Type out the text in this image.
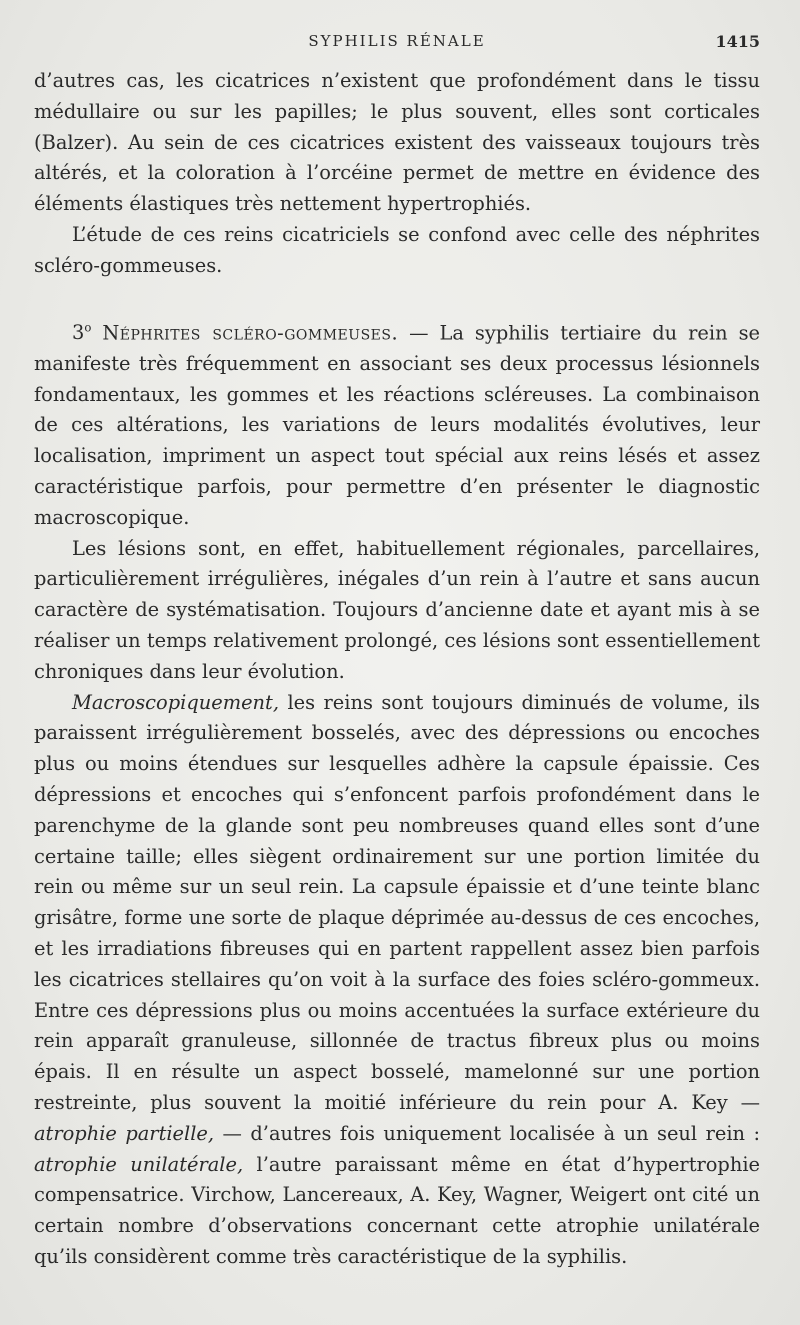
SYPHILIS RÉNALE	1415

d’autres cas, les cicatrices n’existent que profondément dans le tissu médullaire ou sur les papilles; le plus souvent, elles sont corticales (Balzer). Au sein de ces cicatrices existent des vaisseaux toujours très altérés, et la coloration à l’orcéine permet de mettre en évidence des éléments élastiques très nettement hypertrophiés.

L’étude de ces reins cicatriciels se confond avec celle des néphrites scléro-gommeuses.

3$^o$ Néphrites scléro-gommeuses. — La syphilis tertiaire du rein se manifeste très fréquemment en associant ses deux processus lésionnels fondamentaux, les gommes et les réactions scléreuses. La combinaison de ces altérations, les variations de leurs modalités évolutives, leur localisation, impriment un aspect tout spécial aux reins lésés et assez caractéristique parfois, pour permettre d’en présenter le diagnostic macroscopique.

Les lésions sont, en effet, habituellement régionales, parcellaires, particulièrement irrégulières, inégales d’un rein à l’autre et sans aucun caractère de systématisation. Toujours d’ancienne date et ayant mis à se réaliser un temps relativement prolongé, ces lésions sont essentiellement chroniques dans leur évolution.

Macroscopiquement, les reins sont toujours diminués de volume, ils paraissent irrégulièrement bosselés, avec des dépressions ou encoches plus ou moins étendues sur lesquelles adhère la capsule épaissie. Ces dépressions et encoches qui s’enfoncent parfois profondément dans le parenchyme de la glande sont peu nombreuses quand elles sont d’une certaine taille; elles siègent ordinairement sur une portion limitée du rein ou même sur un seul rein. La capsule épaissie et d’une teinte blanc grisâtre, forme une sorte de plaque déprimée au-dessus de ces encoches, et les irradiations fibreuses qui en partent rappellent assez bien parfois les cicatrices stellaires qu’on voit à la surface des foies scléro-gommeux. Entre ces dépressions plus ou moins accentuées la surface extérieure du rein apparaît granuleuse, sillonnée de tractus fibreux plus ou moins épais. Il en résulte un aspect bosselé, mamelonné sur une portion restreinte, plus souvent la moitié inférieure du rein pour A. Key — atrophie partielle, — d’autres fois uniquement localisée à un seul rein : atrophie unilatérale, l’autre paraissant même en état d’hypertrophie compensatrice. Virchow, Lancereaux, A. Key, Wagner, Weigert ont cité un certain nombre d’observations concernant cette atrophie unilatérale qu’ils considèrent comme très caractéristique de la syphilis.
